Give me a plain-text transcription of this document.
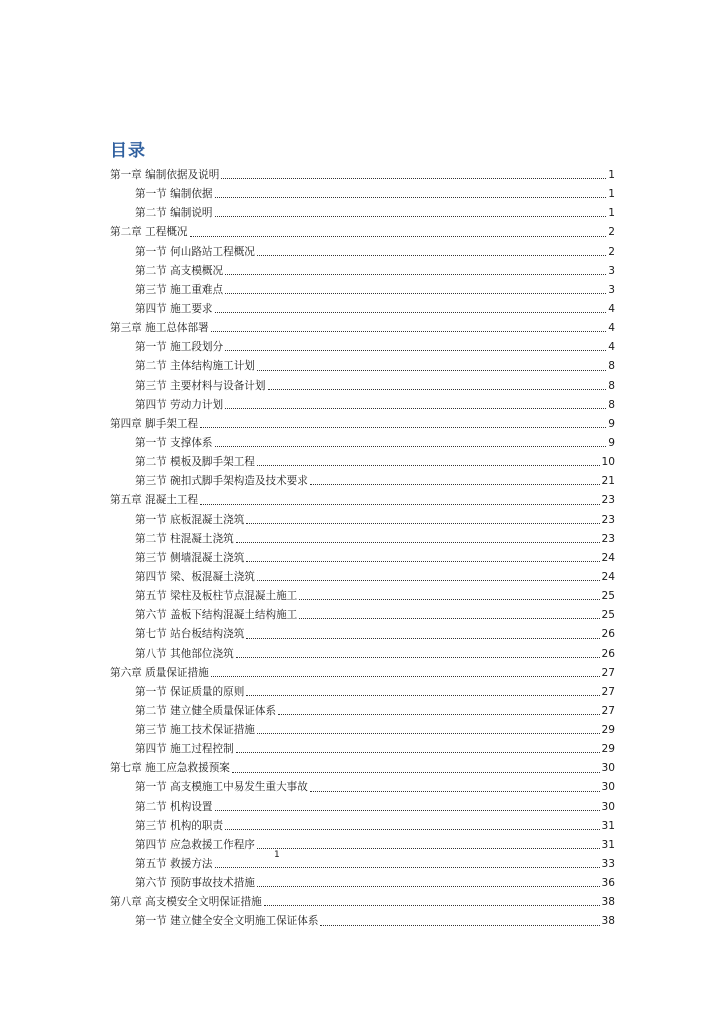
目录
第一章 编制依据及说明	1
第一节 编制依据	1
第二节 编制说明	1
第二章 工程概况	2
第一节 何山路站工程概况	2
第二节 高支模概况	3
第三节 施工重难点	3
第四节 施工要求	4
第三章 施工总体部署	4
第一节 施工段划分	4
第二节 主体结构施工计划	8
第三节 主要材料与设备计划	8
第四节 劳动力计划	8
第四章 脚手架工程	9
第一节 支撑体系	9
第二节 模板及脚手架工程	10
第三节 碗扣式脚手架构造及技术要求	21
第五章 混凝土工程	23
第一节 底板混凝土浇筑	23
第二节 柱混凝土浇筑	23
第三节 侧墙混凝土浇筑	24
第四节 梁、板混凝土浇筑	24
第五节 梁柱及板柱节点混凝土施工	25
第六节 盖板下结构混凝土结构施工	25
第七节 站台板结构浇筑	26
第八节 其他部位浇筑	26
第六章 质量保证措施	27
第一节 保证质量的原则	27
第二节 建立健全质量保证体系	27
第三节 施工技术保证措施	29
第四节 施工过程控制	29
第七章 施工应急救援预案	30
第一节 高支模施工中易发生重大事故	30
第二节 机构设置	30
第三节 机构的职责	31
第四节 应急救援工作程序	31
第五节 救援方法	33
第六节 预防事故技术措施	36
第八章 高支模安全文明保证措施	38
第一节 建立健全安全文明施工保证体系	38
1
